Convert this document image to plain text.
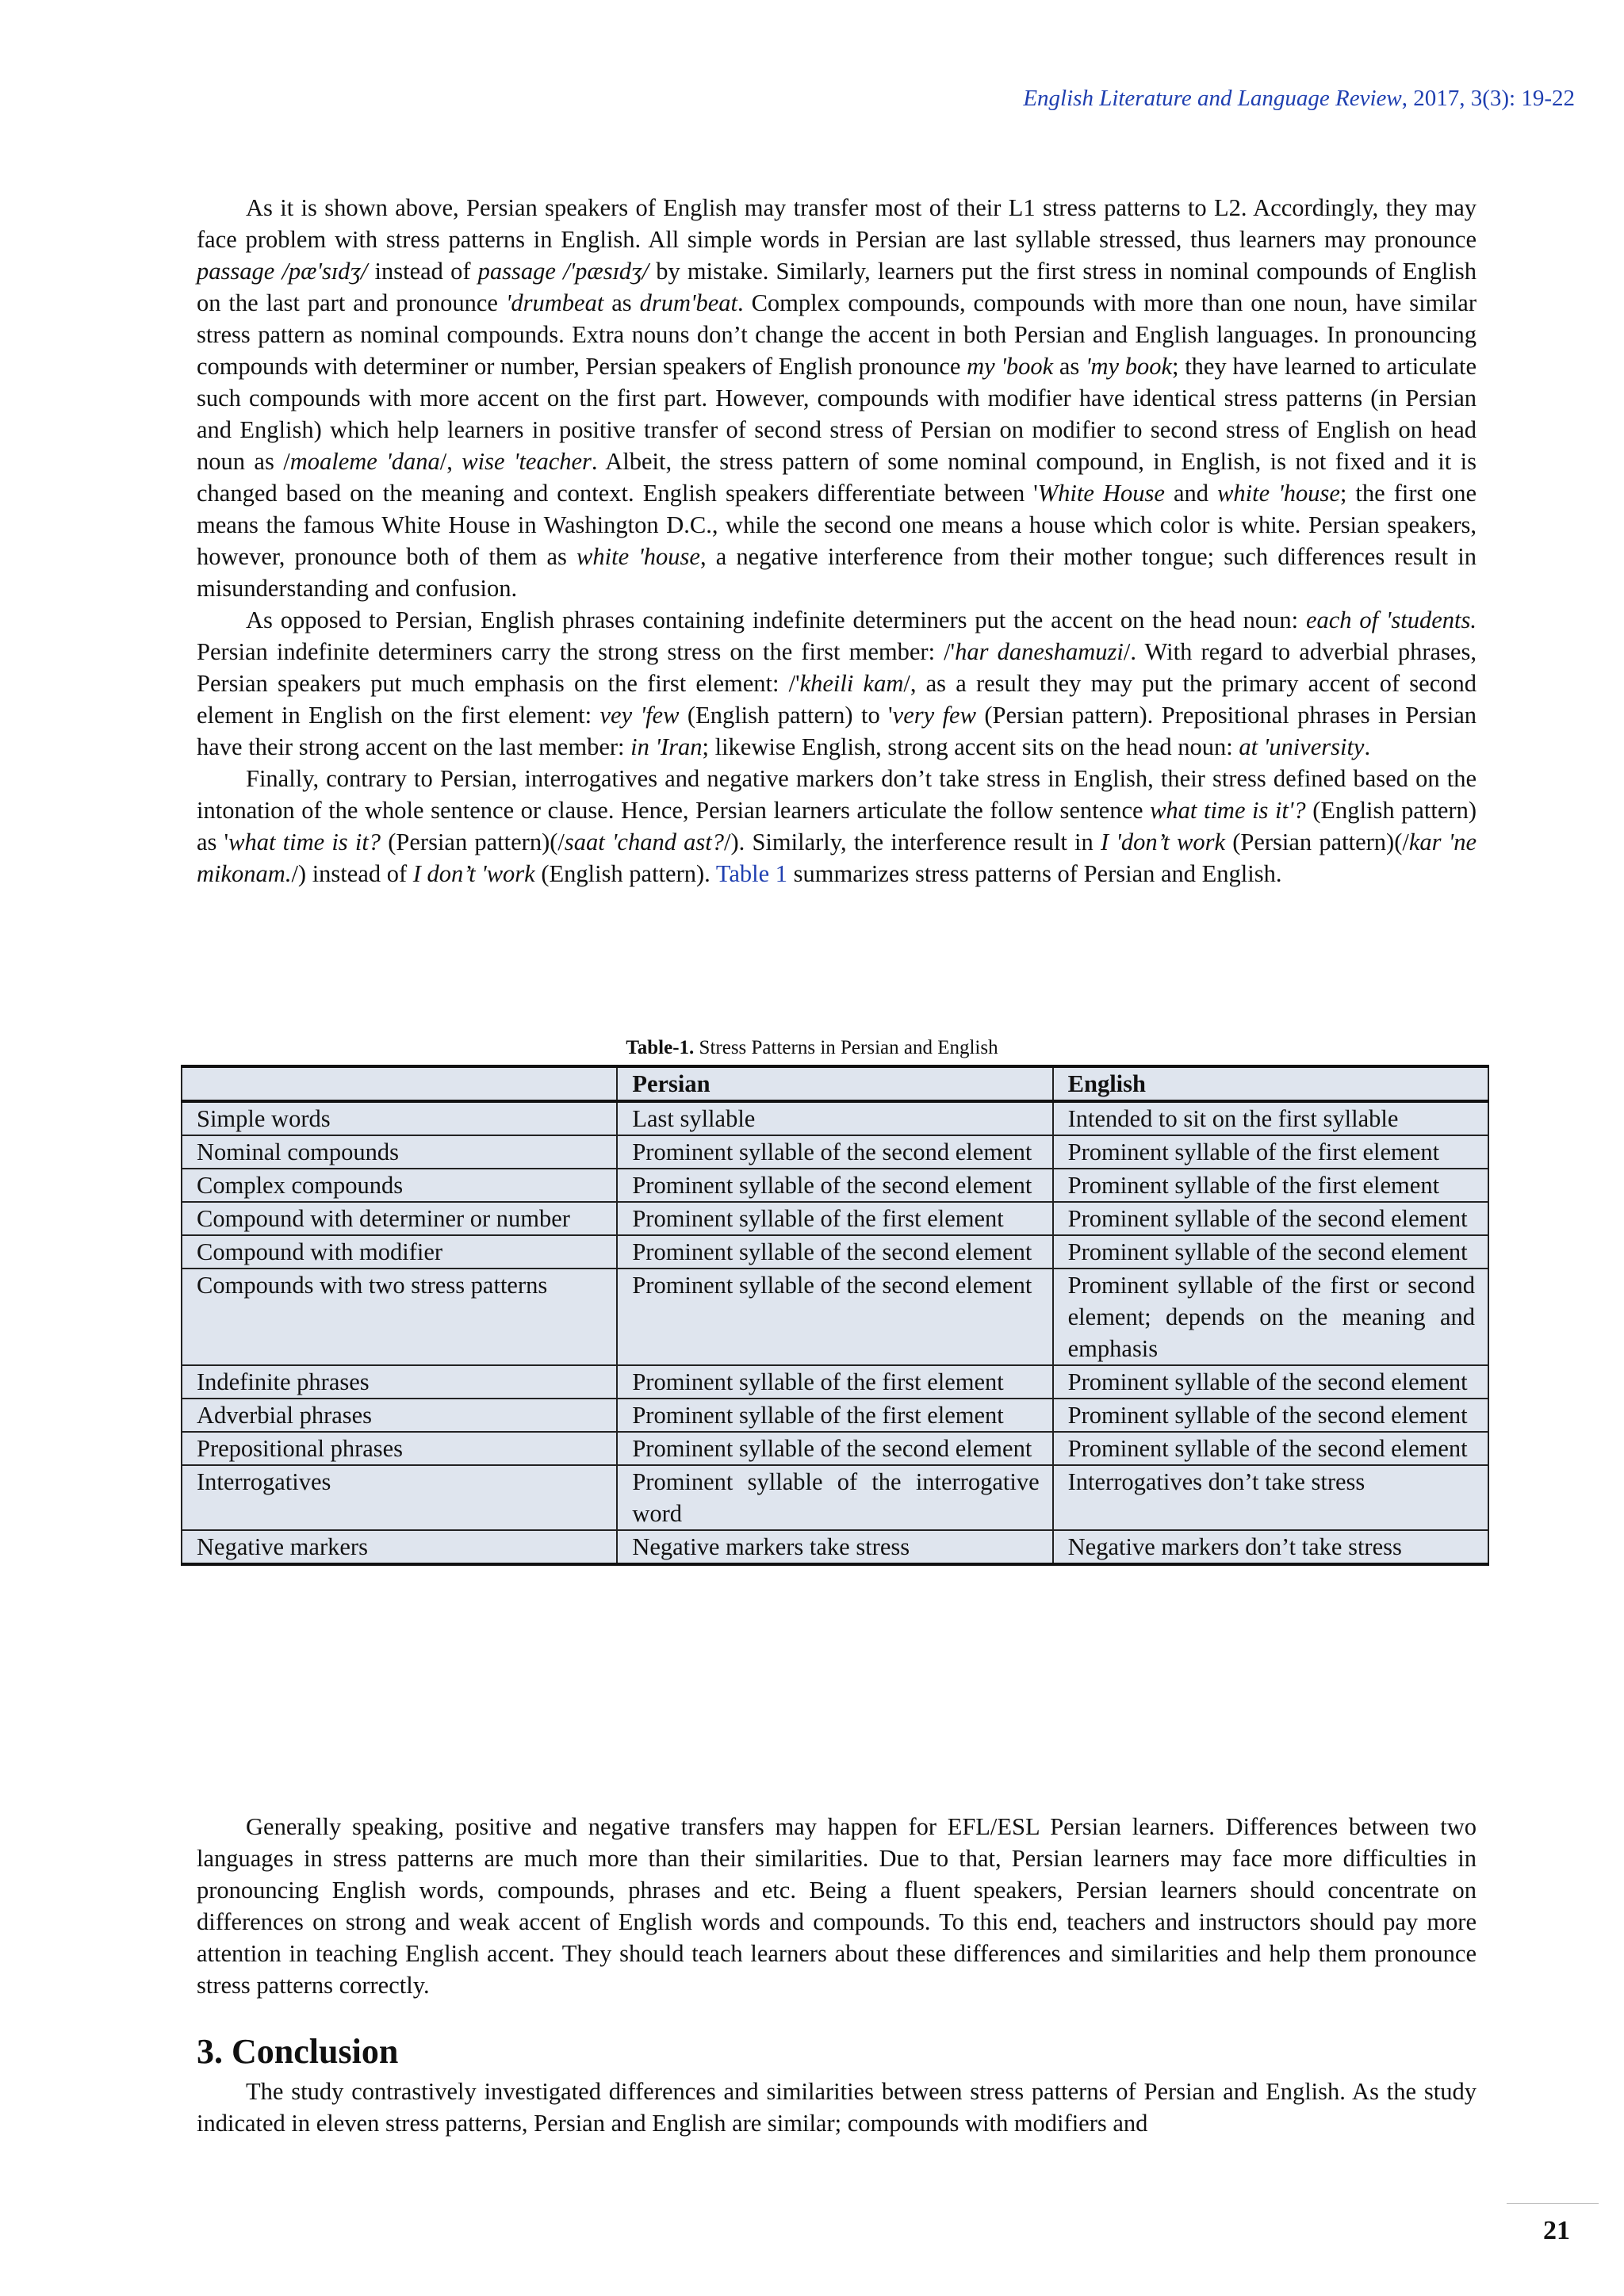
English Literature and Language Review, 2017, 3(3): 19-22

As it is shown above, Persian speakers of English may transfer most of their L1 stress patterns to L2. Accordingly, they may face problem with stress patterns in English. All simple words in Persian are last syllable stressed, thus learners may pronounce passage /pæ'sɪdʒ/ instead of passage /'pæsɪdʒ/ by mistake. Similarly, learners put the first stress in nominal compounds of English on the last part and pronounce 'drumbeat as drum'beat. Complex compounds, compounds with more than one noun, have similar stress pattern as nominal compounds. Extra nouns don’t change the accent in both Persian and English languages. In pronouncing compounds with determiner or number, Persian speakers of English pronounce my 'book as 'my book; they have learned to articulate such compounds with more accent on the first part. However, compounds with modifier have identical stress patterns (in Persian and English) which help learners in positive transfer of second stress of Persian on modifier to second stress of English on head noun as /moaleme 'dana/, wise 'teacher. Albeit, the stress pattern of some nominal compound, in English, is not fixed and it is changed based on the meaning and context. English speakers differentiate between 'White House and white 'house; the first one means the famous White House in Washington D.C., while the second one means a house which color is white. Persian speakers, however, pronounce both of them as white 'house, a negative interference from their mother tongue; such differences result in misunderstanding and confusion.

As opposed to Persian, English phrases containing indefinite determiners put the accent on the head noun: each of 'students. Persian indefinite determiners carry the strong stress on the first member: /'har daneshamuzi/. With regard to adverbial phrases, Persian speakers put much emphasis on the first element: /'kheili kam/, as a result they may put the primary accent of second element in English on the first element: vey 'few (English pattern) to 'very few (Persian pattern). Prepositional phrases in Persian have their strong accent on the last member: in 'Iran; likewise English, strong accent sits on the head noun: at 'university.

Finally, contrary to Persian, interrogatives and negative markers don’t take stress in English, their stress defined based on the intonation of the whole sentence or clause. Hence, Persian learners articulate the follow sentence what time is it'? (English pattern) as 'what time is it? (Persian pattern)(/saat 'chand ast?/). Similarly, the interference result in I 'don’t work (Persian pattern)(/kar 'ne mikonam./) instead of I don’t 'work (English pattern). Table 1 summarizes stress patterns of Persian and English.

Table-1. Stress Patterns in Persian and English
	Persian	English
Simple words	Last syllable	Intended to sit on the first syllable
Nominal compounds	Prominent syllable of the second element	Prominent syllable of the first element
Complex compounds	Prominent syllable of the second element	Prominent syllable of the first element
Compound with determiner or number	Prominent syllable of the first element	Prominent syllable of the second element
Compound with modifier	Prominent syllable of the second element	Prominent syllable of the second element
Compounds with two stress patterns	Prominent syllable of the second element	Prominent syllable of the first or second element; depends on the meaning and emphasis
Indefinite phrases	Prominent syllable of the first element	Prominent syllable of the second element
Adverbial phrases	Prominent syllable of the first element	Prominent syllable of the second element
Prepositional phrases	Prominent syllable of the second element	Prominent syllable of the second element
Interrogatives	Prominent syllable of the interrogative word	Interrogatives don’t take stress
Negative markers	Negative markers take stress	Negative markers don’t take stress

Generally speaking, positive and negative transfers may happen for EFL/ESL Persian learners. Differences between two languages in stress patterns are much more than their similarities. Due to that, Persian learners may face more difficulties in pronouncing English words, compounds, phrases and etc. Being a fluent speakers, Persian learners should concentrate on differences on strong and weak accent of English words and compounds. To this end, teachers and instructors should pay more attention in teaching English accent. They should teach learners about these differences and similarities and help them pronounce stress patterns correctly.

3. Conclusion

The study contrastively investigated differences and similarities between stress patterns of Persian and English. As the study indicated in eleven stress patterns, Persian and English are similar; compounds with modifiers and

21
